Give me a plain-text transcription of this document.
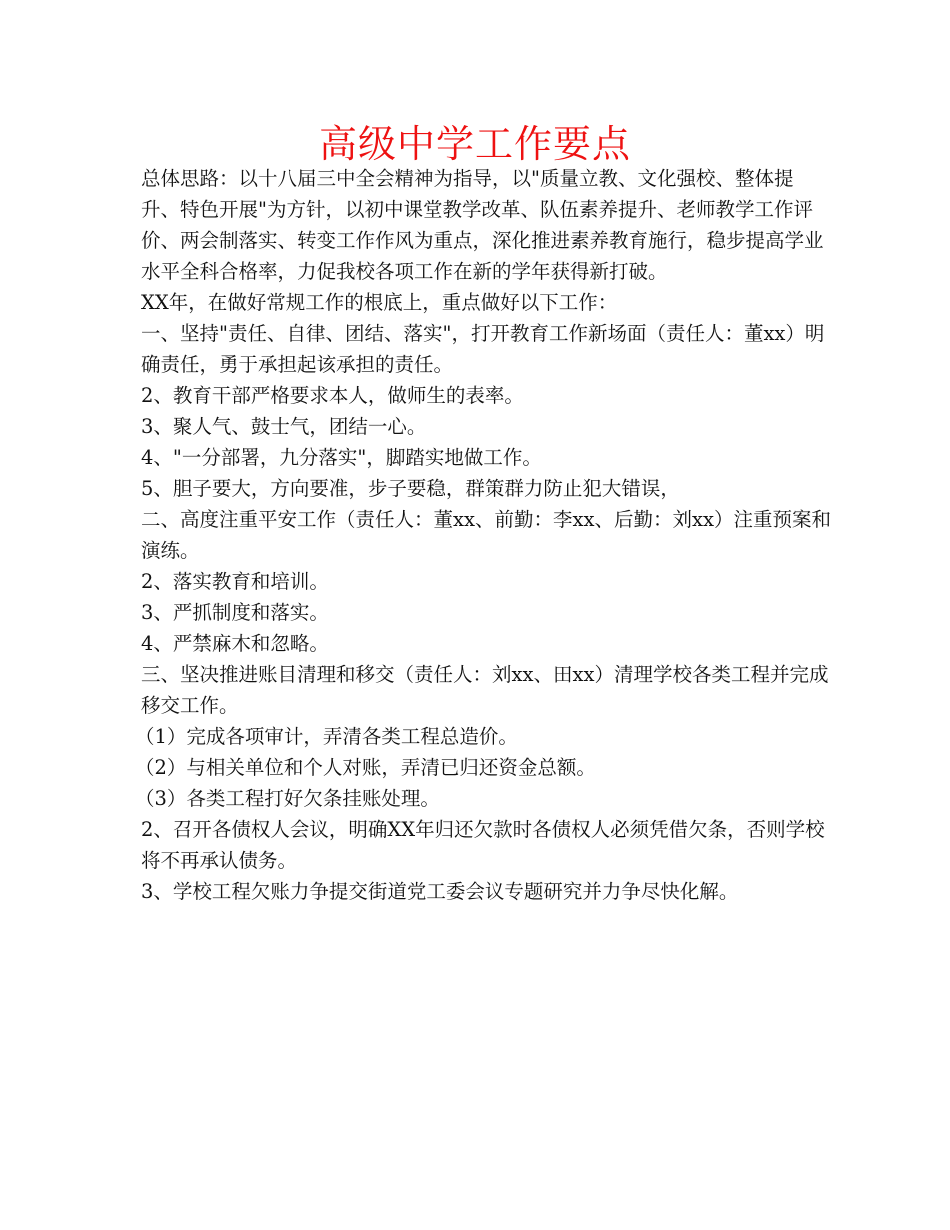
高级中学工作要点

总体思路：以十八届三中全会精神为指导，以"质量立教、文化强校、整体提升、特色开展"为方针，以初中课堂教学改革、队伍素养提升、老师教学工作评价、两会制落实、转变工作作风为重点，深化推进素养教育施行，稳步提高学业水平全科合格率，力促我校各项工作在新的学年获得新打破。

XX年，在做好常规工作的根底上，重点做好以下工作：

一、坚持"责任、自律、团结、落实"，打开教育工作新场面（责任人：董xx）明确责任，勇于承担起该承担的责任。

2、教育干部严格要求本人，做师生的表率。

3、聚人气、鼓士气，团结一心。

4、"一分部署，九分落实"，脚踏实地做工作。

5、胆子要大，方向要准，步子要稳，群策群力防止犯大错误，

二、高度注重平安工作（责任人：董xx、前勤：李xx、后勤：刘xx）注重预案和演练。

2、落实教育和培训。

3、严抓制度和落实。

4、严禁麻木和忽略。

三、坚决推进账目清理和移交（责任人：刘xx、田xx）清理学校各类工程并完成移交工作。

（1）完成各项审计，弄清各类工程总造价。

（2）与相关单位和个人对账，弄清已归还资金总额。

（3）各类工程打好欠条挂账处理。

2、召开各债权人会议，明确XX年归还欠款时各债权人必须凭借欠条，否则学校将不再承认债务。

3、学校工程欠账力争提交街道党工委会议专题研究并力争尽快化解。
